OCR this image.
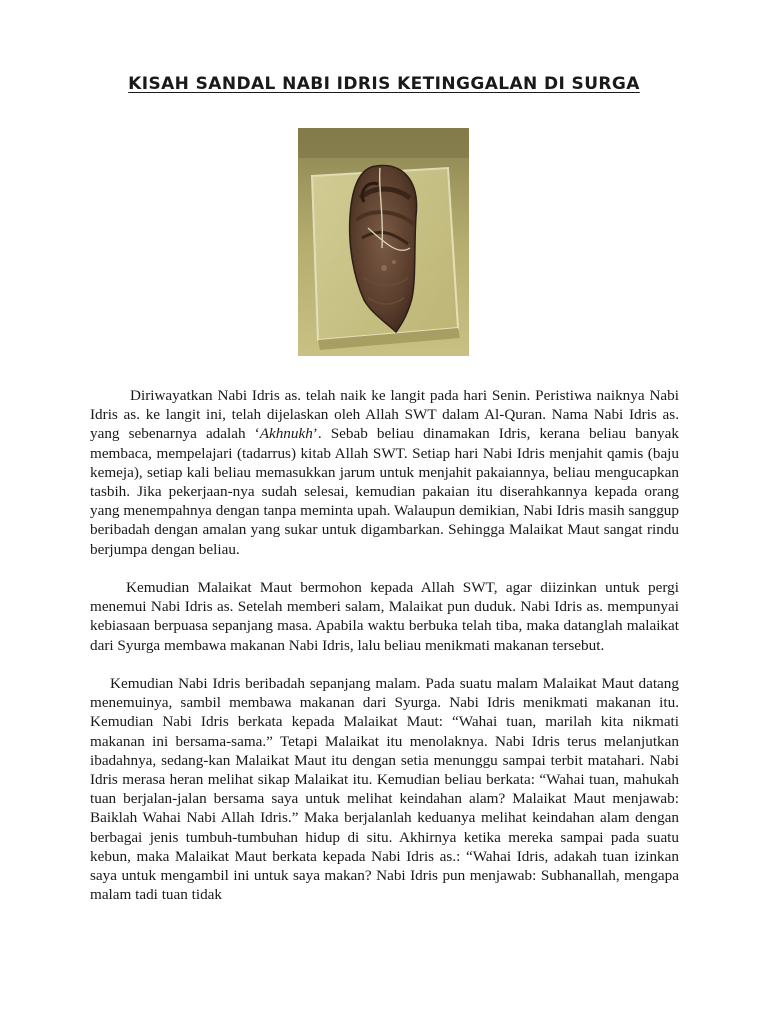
KISAH SANDAL NABI IDRIS KETINGGALAN DI SURGA

Diriwayatkan Nabi Idris as. telah naik ke langit pada hari Senin. Peristiwa naiknya Nabi Idris as. ke langit ini, telah dijelaskan oleh Allah SWT dalam Al-Quran. Nama Nabi Idris as. yang sebenarnya adalah ‘Akhnukh’. Sebab beliau dinamakan Idris, kerana beliau banyak membaca, mempelajari (tadarrus) kitab Allah SWT. Setiap hari Nabi Idris menjahit qamis (baju kemeja), setiap kali beliau memasukkan jarum untuk menjahit pakaiannya, beliau mengucapkan tasbih. Jika pekerjaan-nya sudah selesai, kemudian pakaian itu diserahkannya kepada orang yang menempahnya dengan tanpa meminta upah. Walaupun demikian, Nabi Idris masih sanggup beribadah dengan amalan yang sukar untuk digambarkan. Sehingga Malaikat Maut sangat rindu berjumpa dengan beliau.

Kemudian Malaikat Maut bermohon kepada Allah SWT, agar diizinkan untuk pergi menemui Nabi Idris as. Setelah memberi salam, Malaikat pun duduk. Nabi Idris as. mempunyai kebiasaan berpuasa sepanjang masa. Apabila waktu berbuka telah tiba, maka datanglah malaikat dari Syurga membawa makanan Nabi Idris, lalu beliau menikmati makanan tersebut.

Kemudian Nabi Idris beribadah sepanjang malam. Pada suatu malam Malaikat Maut datang menemuinya, sambil membawa makanan dari Syurga. Nabi Idris menikmati makanan itu. Kemudian Nabi Idris berkata kepada Malaikat Maut: “Wahai tuan, marilah kita nikmati makanan ini bersama-sama.” Tetapi Malaikat itu menolaknya. Nabi Idris terus melanjutkan ibadahnya, sedang-kan Malaikat Maut itu dengan setia menunggu sampai terbit matahari. Nabi Idris merasa heran melihat sikap Malaikat itu. Kemudian beliau berkata: “Wahai tuan, mahukah tuan berjalan-jalan bersama saya untuk melihat keindahan alam? Malaikat Maut menjawab: Baiklah Wahai Nabi Allah Idris.” Maka berjalanlah keduanya melihat keindahan alam dengan berbagai jenis tumbuh-tumbuhan hidup di situ. Akhirnya ketika mereka sampai pada suatu kebun, maka Malaikat Maut berkata kepada Nabi Idris as.: “Wahai Idris, adakah tuan izinkan saya untuk mengambil ini untuk saya makan? Nabi Idris pun menjawab: Subhanallah, mengapa malam tadi tuan tidak
